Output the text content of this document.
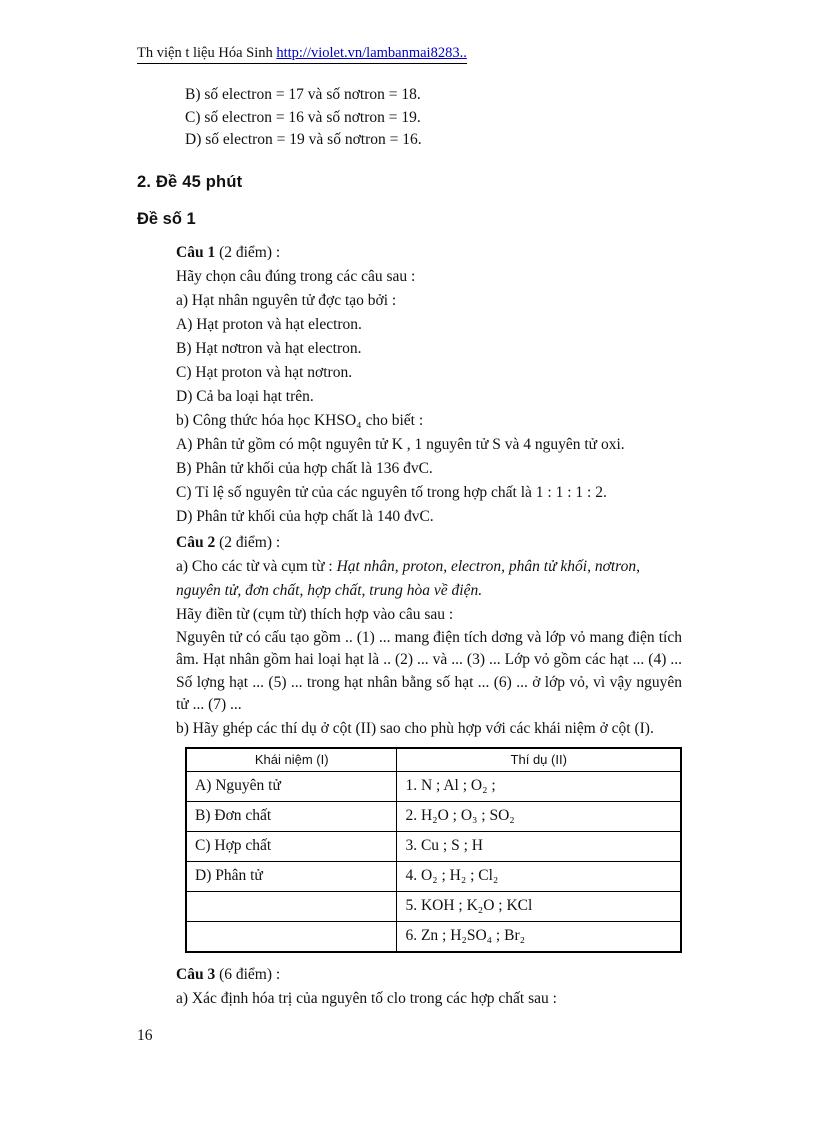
Th viện t liệu Hóa Sinh http://violet.vn/lambanmai8283..

B) số electron = 17 và số nơtron = 18.

C) số electron = 16 và số nơtron = 19.

D) số electron = 19 và số nơtron = 16.

2. Đề 45 phút
Đề số 1

Câu 1 (2 điểm) :

Hãy chọn câu đúng trong các câu sau :

a) Hạt nhân nguyên tử đợc tạo bởi :

A) Hạt proton và hạt electron.

B) Hạt nơtron và hạt electron.

C) Hạt proton và hạt nơtron.

D) Cả ba loại hạt trên.

b) Công thức hóa học KHSO₄ cho biết :

A) Phân tử gồm có một nguyên tử K , 1 nguyên tử S và 4 nguyên tử oxi.

B) Phân tử khối của hợp chất là 136 đvC.

C) Tỉ lệ số nguyên tử của các nguyên tố trong hợp chất là 1 : 1 : 1 : 2.

D) Phân tử khối của hợp chất là 140 đvC.

Câu 2 (2 điểm) :

a) Cho các từ và cụm từ : Hạt nhân, proton, electron, phân tử khối, nơtron, nguyên tử, đơn chất, hợp chất, trung hòa về điện.

Hãy điền từ (cụm từ) thích hợp vào câu sau :

Nguyên tử có cấu tạo gồm .. (1) ... mang điện tích dơng và lớp vỏ mang điện tích âm. Hạt nhân gồm hai loại hạt là .. (2) ... và ... (3) ... Lớp vỏ gồm các hạt ... (4) ... Số lợng hạt ... (5) ... trong hạt nhân bằng số hạt ... (6) ... ở lớp vỏ, vì vậy nguyên tử ... (7) ...

b) Hãy ghép các thí dụ ở cột (II) sao cho phù hợp với các khái niệm ở cột (I).

Khái niệm (I)	Thí dụ (II)
A) Nguyên tử	1. N ; Al ; O₂ ;
B) Đơn chất	2. H₂O ; O₃ ; SO₂
C) Hợp chất	3. Cu ; S ; H
D) Phân tử	4. O₂ ; H₂ ; Cl₂
	5. KOH ; K₂O ; KCl
	6. Zn ; H₂SO₄ ; Br₂

Câu 3 (6 điểm) :

a) Xác định hóa trị của nguyên tố clo trong các hợp chất sau :

16
